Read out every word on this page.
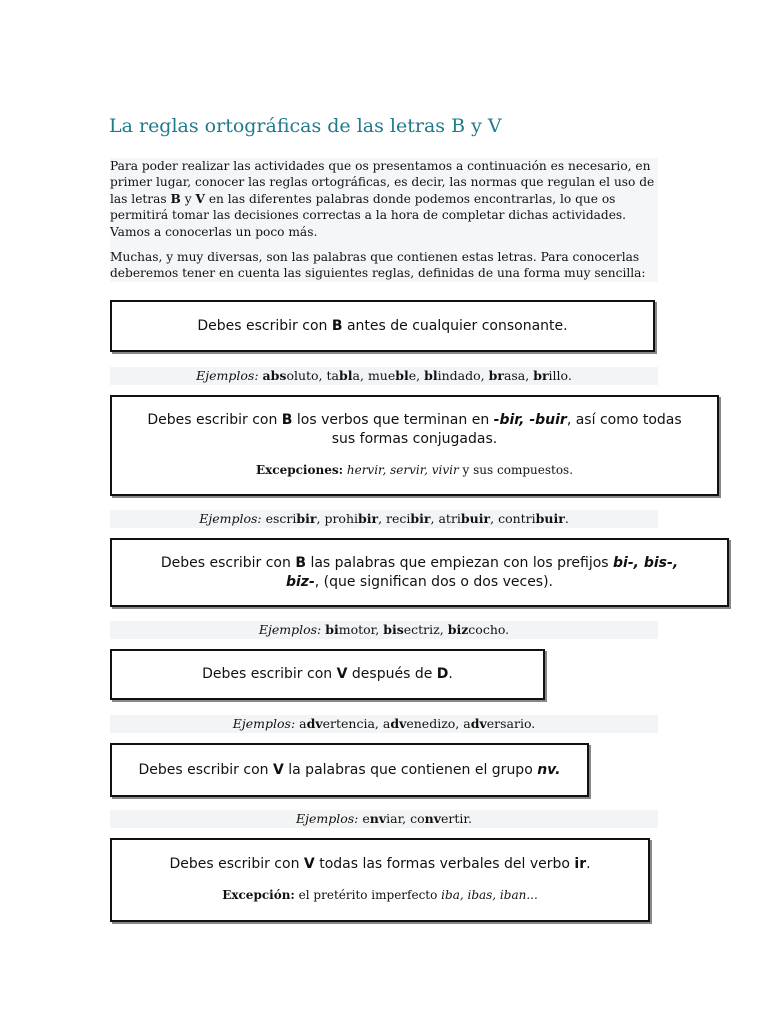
La reglas ortográficas de las letras B y V

Para poder realizar las actividades que os presentamos a continuación es necesario, en primer lugar, conocer las reglas ortográficas, es decir, las normas que regulan el uso de las letras B y V en las diferentes palabras donde podemos encontrarlas, lo que os permitirá tomar las decisiones correctas a la hora de completar dichas actividades. Vamos a conocerlas un poco más.

Muchas, y muy diversas, son las palabras que contienen estas letras. Para conocerlas deberemos tener en cuenta las siguientes reglas, definidas de una forma muy sencilla:

Debes escribir con B antes de cualquier consonante.
Ejemplos: absoluto, tabla, mueble, blindado, brasa, brillo.
Debes escribir con B los verbos que terminan en -bir, -buir, así como todas
sus formas conjugadas.
Excepciones: hervir, servir, vivir y sus compuestos.
Ejemplos: escribir, prohibir, recibir, atribuir, contribuir.
Debes escribir con B las palabras que empiezan con los prefijos bi-, bis-,
biz-, (que significan dos o dos veces).
Ejemplos: bimotor, bisectriz, bizcocho.
Debes escribir con V después de D.
Ejemplos: advertencia, advenedizo, adversario.
Debes escribir con V la palabras que contienen el grupo nv.
Ejemplos: enviar, convertir.
Debes escribir con V todas las formas verbales del verbo ir.
Excepción: el pretérito imperfecto iba, ibas, iban...
